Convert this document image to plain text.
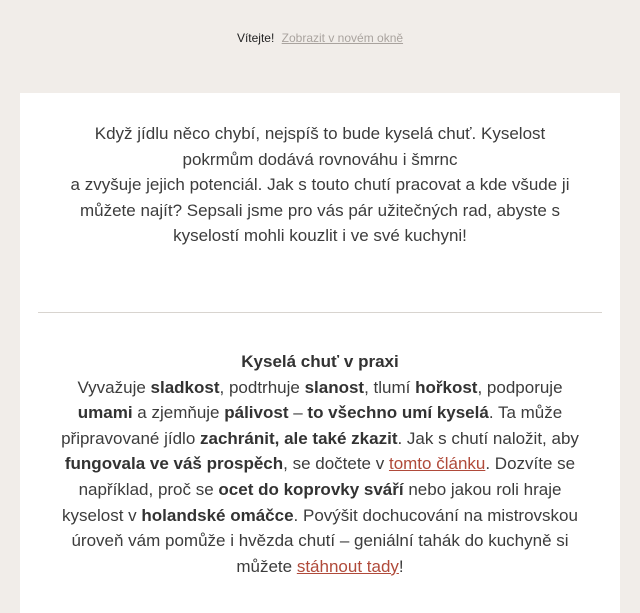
Vítejte! Zobrazit v novém okně

Když jídlu něco chybí, nejspíš to bude kyselá chuť. Kyselost pokrmům dodává rovnováhu i šmrnc
a zvyšuje jejich potenciál. Jak s touto chutí pracovat a kde všude ji můžete najít? Sepsali jsme pro vás pár užitečných rad, abyste s kyselostí mohli kouzlit i ve své kuchyni!

Kyselá chuť v praxi
Vyvažuje sladkost, podtrhuje slanost, tlumí hořkost, podporuje umami a zjemňuje pálivost – to všechno umí kyselá. Ta může připravované jídlo zachránit, ale také zkazit. Jak s chutí naložit, aby fungovala ve váš prospěch, se dočtete v tomto článku. Dozvíte se například, proč se ocet do koprovky sváří nebo jakou roli hraje kyselost v holandské omáčce. Povýšit dochucování na mistrovskou úroveň vám pomůže i hvězda chutí – geniální tahák do kuchyně si můžete stáhnout tady!
